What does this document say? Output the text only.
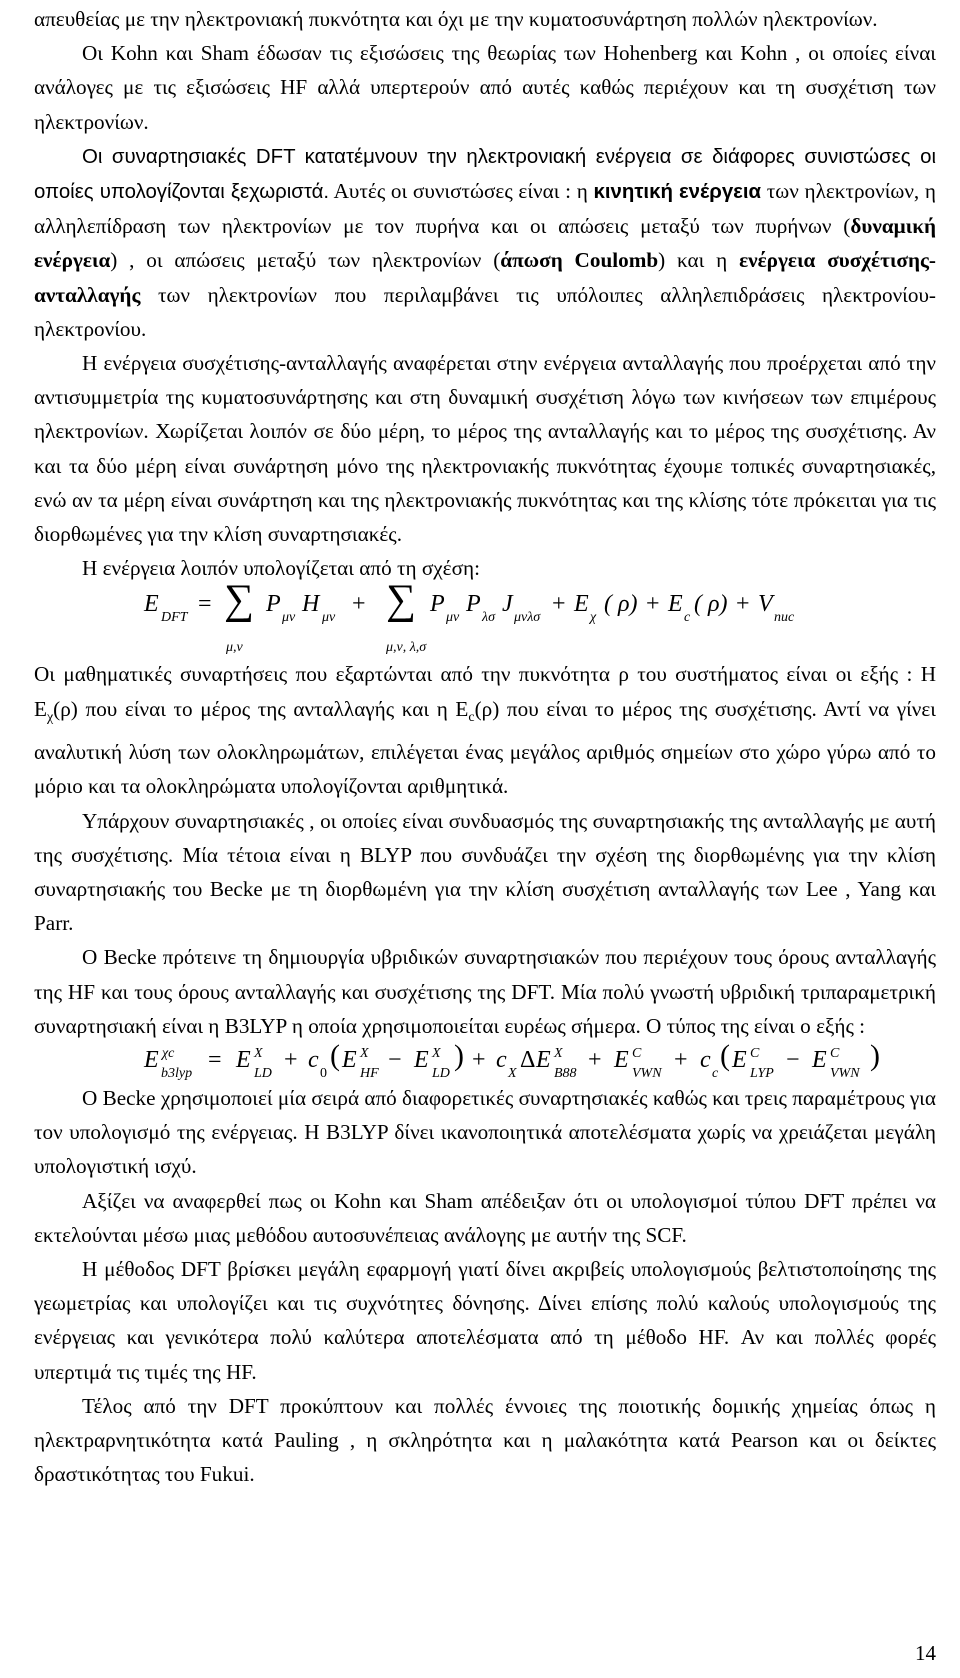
απευθείας με την ηλεκτρονιακή πυκνότητα και όχι με την κυματοσυνάρτηση πολλών ηλεκτρονίων.

Οι Kohn και Sham έδωσαν τις εξισώσεις της θεωρίας των Hohenberg και Kohn , οι οποίες είναι ανάλογες με τις εξισώσεις HF αλλά υπερτερούν από αυτές καθώς περιέχουν και τη συσχέτιση των ηλεκτρονίων.

Οι συναρτησιακές DFT κατατέμνουν την ηλεκτρονιακή ενέργεια σε διάφορες συνιστώσες οι οποίες υπολογίζονται ξεχωριστά. Αυτές οι συνιστώσες είναι : η κινητική ενέργεια των ηλεκτρονίων, η αλληλεπίδραση των ηλεκτρονίων με τον πυρήνα και οι απώσεις μεταξύ των πυρήνων (δυναμική ενέργεια) , οι απώσεις μεταξύ των ηλεκτρονίων (άπωση Coulomb) και η ενέργεια συσχέτισης-ανταλλαγής των ηλεκτρονίων που περιλαμβάνει τις υπόλοιπες αλληλεπιδράσεις ηλεκτρονίου-ηλεκτρονίου.

Η ενέργεια συσχέτισης-ανταλλαγής αναφέρεται στην ενέργεια ανταλλαγής που προέρχεται από την αντισυμμετρία της κυματοσυνάρτησης και στη δυναμική συσχέτιση λόγω των κινήσεων των επιμέρους ηλεκτρονίων. Χωρίζεται λοιπόν σε δύο μέρη, το μέρος της ανταλλαγής και το μέρος της συσχέτισης. Αν και τα δύο μέρη είναι συνάρτηση μόνο της ηλεκτρονιακής πυκνότητας έχουμε τοπικές συναρτησιακές, ενώ αν τα μέρη είναι συνάρτηση και της ηλεκτρονιακής πυκνότητας και της κλίσης τότε πρόκειται για τις διορθωμένες για την κλίση συναρτησιακές.

Η ενέργεια λοιπόν υπολογίζεται από τη σχέση:

E
DFT
= ∑
μ,ν
P
μν
H
μν
+ ∑
μ,ν, λ,σ
P
μν
P
λσ
J
μνλσ
+ E
χ
( ρ) + E
c
( ρ) + V
nuc

Οι μαθηματικές συναρτήσεις που εξαρτώνται από την πυκνότητα ρ του συστήματος είναι οι εξής : Η $E_\chi(\rho)$ που είναι το μέρος της ανταλλαγής και η $E_c(\rho)$ που είναι το μέρος της συσχέτισης. Αντί να γίνει αναλυτική λύση των ολοκληρωμάτων, επιλέγεται ένας μεγάλος αριθμός σημείων στο χώρο γύρω από το μόριο και τα ολοκληρώματα υπολογίζονται αριθμητικά.

Υπάρχουν συναρτησιακές , οι οποίες είναι συνδυασμός της συναρτησιακής της ανταλλαγής με αυτή της συσχέτισης. Μία τέτοια είναι η BLYP που συνδυάζει την σχέση της διορθωμένης για την κλίση συναρτησιακής του Becke με τη διορθωμένη για την κλίση συσχέτιση ανταλλαγής των Lee , Yang και Parr.

Ο Becke πρότεινε τη δημιουργία υβριδικών συναρτησιακών που περιέχουν τους όρους ανταλλαγής της HF και τους όρους ανταλλαγής και συσχέτισης της DFT. Μία πολύ γνωστή υβριδική τριπαραμετρική συναρτησιακή είναι η B3LYP η οποία χρησιμοποιείται ευρέως σήμερα. Ο τύπος της είναι ο εξής :

E χc
b3lyp
= E X
LD
+ c
0
( E X
HF
− E X
LD
) + c
X
Δ E X
B88
+ E C
VWN
+ c
c
( E C
LYP
− E C
VWN
)

Ο Becke χρησιμοποιεί μία σειρά από διαφορετικές συναρτησιακές καθώς και τρεις παραμέτρους για τον υπολογισμό της ενέργειας. Η B3LYP δίνει ικανοποιητικά αποτελέσματα χωρίς να χρειάζεται μεγάλη υπολογιστική ισχύ.

Αξίζει να αναφερθεί πως οι Kohn και Sham απέδειξαν ότι οι υπολογισμοί τύπου DFT πρέπει να εκτελούνται μέσω μιας μεθόδου αυτοσυνέπειας ανάλογης με αυτήν της SCF.

Η μέθοδος DFT βρίσκει μεγάλη εφαρμογή γιατί δίνει ακριβείς υπολογισμούς βελτιστοποίησης της γεωμετρίας και υπολογίζει και τις συχνότητες δόνησης. Δίνει επίσης πολύ καλούς υπολογισμούς της ενέργειας και γενικότερα πολύ καλύτερα αποτελέσματα από τη μέθοδο HF. Αν και πολλές φορές υπερτιμά τις τιμές της HF.

Τέλος από την DFT προκύπτουν και πολλές έννοιες της ποιοτικής δομικής χημείας όπως η ηλεκτραρνητικότητα κατά Pauling , η σκληρότητα και η μαλακότητα κατά Pearson και οι δείκτες δραστικότητας του Fukui.

14
